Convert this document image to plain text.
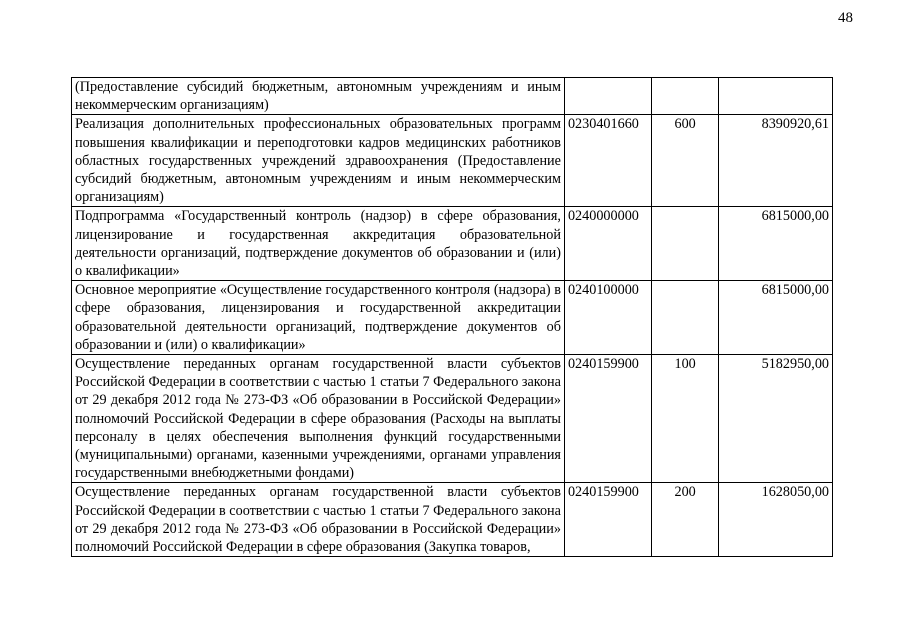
48
(Предоставление субсидий бюджетным, автономным учреждениям и иным некоммерческим организациям)			
Реализация дополнительных профессиональных образовательных программ повышения квалификации и переподготовки кадров медицинских работников областных государственных учреждений здравоохранения (Предоставление субсидий бюджетным, автономным учреждениям и иным некоммерческим организациям)	0230401660	600	8390920,61
Подпрограмма «Государственный контроль (надзор) в сфере образования, лицензирование и государственная аккредитация образовательной деятельности организаций, подтверждение документов об образовании и (или) о квалификации»	0240000000		6815000,00
Основное мероприятие «Осуществление государственного контроля (надзора) в сфере образования, лицензирования и государственной аккредитации образовательной деятельности организаций, подтверждение документов об образовании и (или) о квалификации»	0240100000		6815000,00
Осуществление переданных органам государственной власти субъектов Российской Федерации в соответствии с частью 1 статьи 7 Федерального закона от 29 декабря 2012 года № 273-ФЗ «Об образовании в Российской Федерации» полномочий Российской Федерации в сфере образования (Расходы на выплаты персоналу в целях обеспечения выполнения функций государственными (муниципальными) органами, казенными учреждениями, органами управления государственными внебюджетными фондами)	0240159900	100	5182950,00
Осуществление переданных органам государственной власти субъектов Российской Федерации в соответствии с частью 1 статьи 7 Федерального закона от 29 декабря 2012 года № 273-ФЗ «Об образовании в Российской Федерации» полномочий Российской Федерации в сфере образования (Закупка товаров,	0240159900	200	1628050,00
